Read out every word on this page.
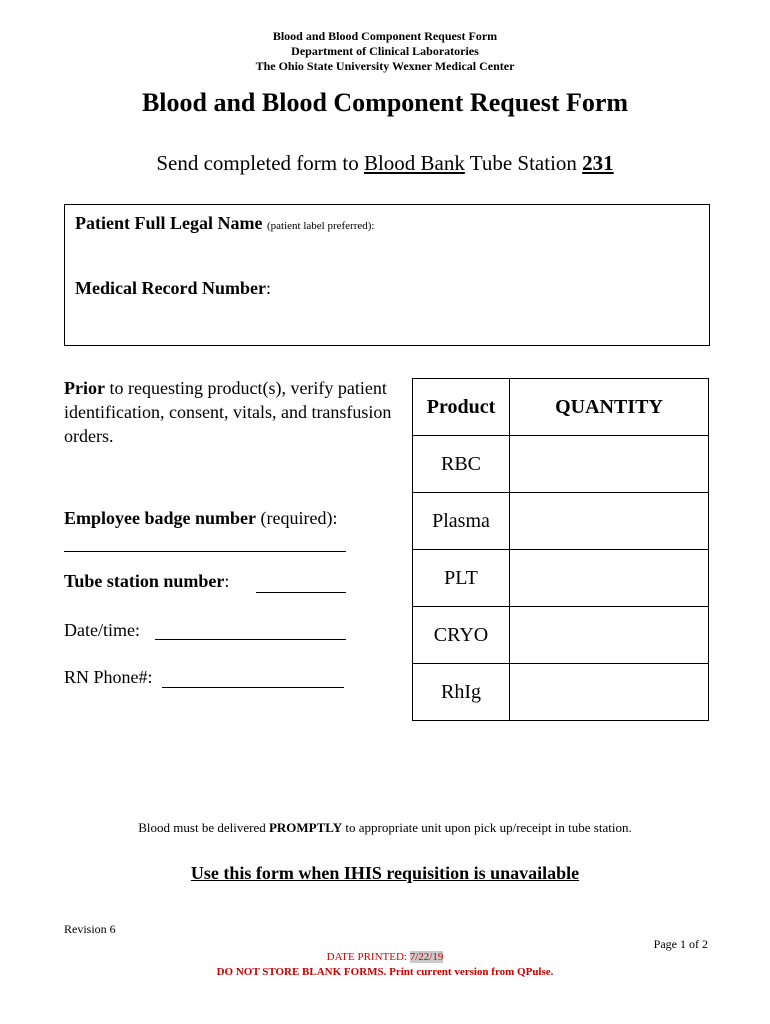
Blood and Blood Component Request Form
Department of Clinical Laboratories
The Ohio State University Wexner Medical Center
Blood and Blood Component Request Form
Send completed form to Blood Bank Tube Station 231
Patient Full Legal Name (patient label preferred):
Medical Record Number:
Prior to requesting product(s), verify patient identification, consent, vitals, and transfusion orders.
Employee badge number (required):
Tube station number:
Date/time:
RN Phone#:
Product	QUANTITY
RBC	
Plasma	
PLT	
CRYO	
RhIg	
Blood must be delivered PROMPTLY to appropriate unit upon pick up/receipt in tube station.
Use this form when IHIS requisition is unavailable
Revision 6
Page 1 of 2
DATE PRINTED: 7/22/19
DO NOT STORE BLANK FORMS. Print current version from QPulse.
